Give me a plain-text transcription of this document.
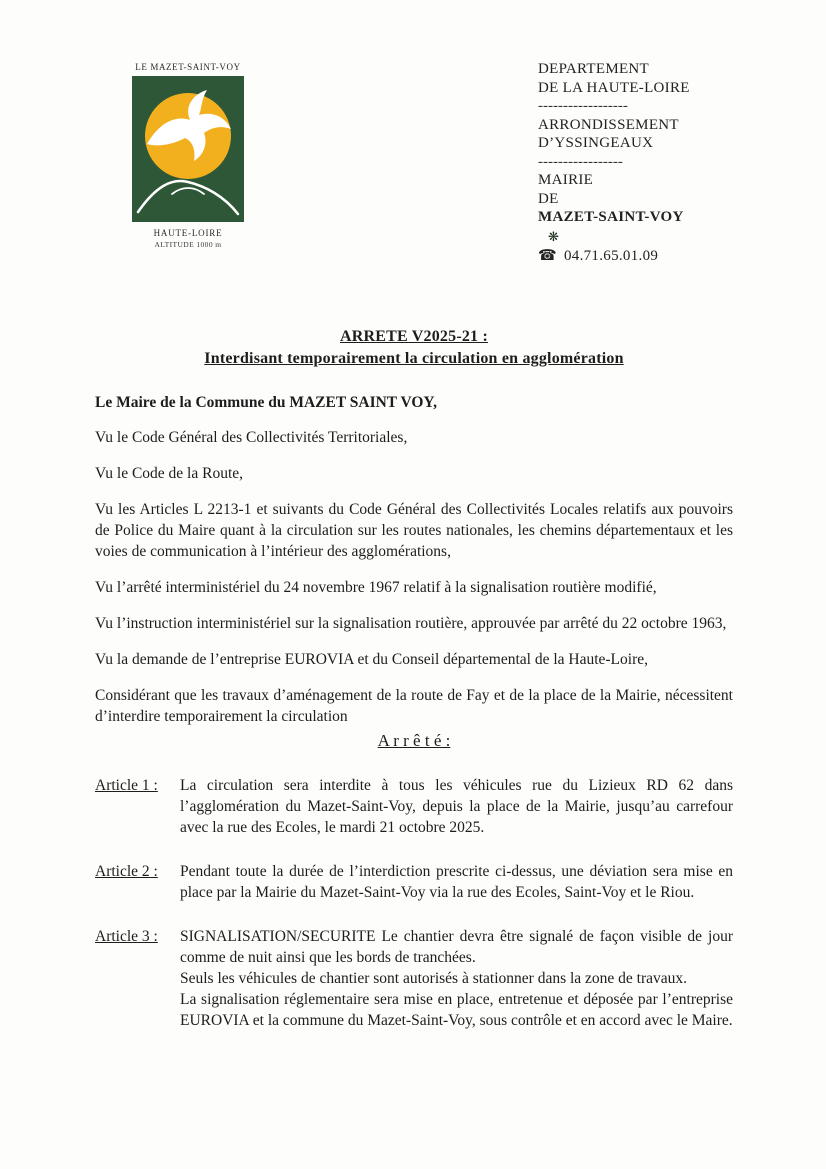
LE MAZET-SAINT-VOY
HAUTE-LOIRE
ALTITUDE 1000 m
DEPARTEMENT
DE LA HAUTE-LOIRE
------------------
ARRONDISSEMENT
D’YSSINGEAUX
-----------------
MAIRIE
DE
MAZET-SAINT-VOY
❋
☎ 04.71.65.01.09
ARRETE V2025-21 :
Interdisant temporairement la circulation en agglomération

Le Maire de la Commune du MAZET SAINT VOY,

Vu le Code Général des Collectivités Territoriales,

Vu le Code de la Route,

Vu les Articles L 2213-1 et suivants du Code Général des Collectivités Locales relatifs aux pouvoirs de Police du Maire quant à la circulation sur les routes nationales, les chemins départementaux et les voies de communication à l’intérieur des agglomérations,

Vu l’arrêté interministériel du 24 novembre 1967 relatif à la signalisation routière modifié,

Vu l’instruction interministériel sur la signalisation routière, approuvée par arrêté du 22 octobre 1963,

Vu la demande de l’entreprise EUROVIA et du Conseil départemental de la Haute-Loire,

Considérant que les travaux d’aménagement de la route de Fay et de la place de la Mairie, nécessitent d’interdire temporairement la circulation

A r r ê t é :
Article 1 :	La circulation sera interdite à tous les véhicules rue du Lizieux RD 62 dans l’agglomération du Mazet-Saint-Voy, depuis la place de la Mairie, jusqu’au carrefour avec la rue des Ecoles, le mardi 21 octobre 2025.
Article 2 :	Pendant toute la durée de l’interdiction prescrite ci-dessus, une déviation sera mise en place par la Mairie du Mazet-Saint-Voy via la rue des Ecoles, Saint-Voy et le Riou.
Article 3 :	SIGNALISATION/SECURITE Le chantier devra être signalé de façon visible de jour comme de nuit ainsi que les bords de tranchées.
Seuls les véhicules de chantier sont autorisés à stationner dans la zone de travaux.
La signalisation réglementaire sera mise en place, entretenue et déposée par l’entreprise EUROVIA et la commune du Mazet-Saint-Voy, sous contrôle et en accord avec le Maire.
